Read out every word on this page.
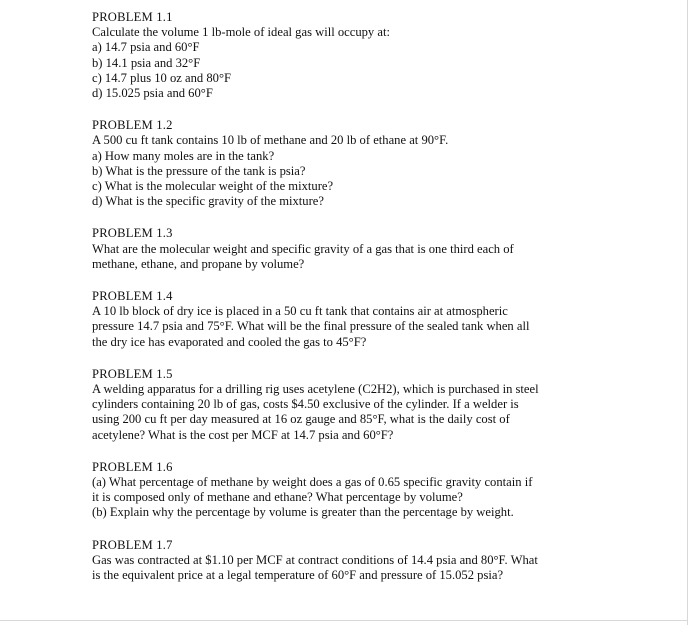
PROBLEM 1.1
Calculate the volume 1 lb-mole of ideal gas will occupy at:
a) 14.7 psia and 60°F
b) 14.1 psia and 32°F
c) 14.7 plus 10 oz and 80°F
d) 15.025 psia and 60°F
PROBLEM 1.2
A 500 cu ft tank contains 10 lb of methane and 20 lb of ethane at 90°F.
a) How many moles are in the tank?
b) What is the pressure of the tank is psia?
c) What is the molecular weight of the mixture?
d) What is the specific gravity of the mixture?
PROBLEM 1.3
What are the molecular weight and specific gravity of a gas that is one third each of
methane, ethane, and propane by volume?
PROBLEM 1.4
A 10 lb block of dry ice is placed in a 50 cu ft tank that contains air at atmospheric
pressure 14.7 psia and 75°F. What will be the final pressure of the sealed tank when all
the dry ice has evaporated and cooled the gas to 45°F?
PROBLEM 1.5
A welding apparatus for a drilling rig uses acetylene (C2H2), which is purchased in steel
cylinders containing 20 lb of gas, costs $4.50 exclusive of the cylinder. If a welder is
using 200 cu ft per day measured at 16 oz gauge and 85°F, what is the daily cost of
acetylene? What is the cost per MCF at 14.7 psia and 60°F?
PROBLEM 1.6
(a) What percentage of methane by weight does a gas of 0.65 specific gravity contain if
it is composed only of methane and ethane? What percentage by volume?
(b) Explain why the percentage by volume is greater than the percentage by weight.
PROBLEM 1.7
Gas was contracted at $1.10 per MCF at contract conditions of 14.4 psia and 80°F. What
is the equivalent price at a legal temperature of 60°F and pressure of 15.052 psia?
